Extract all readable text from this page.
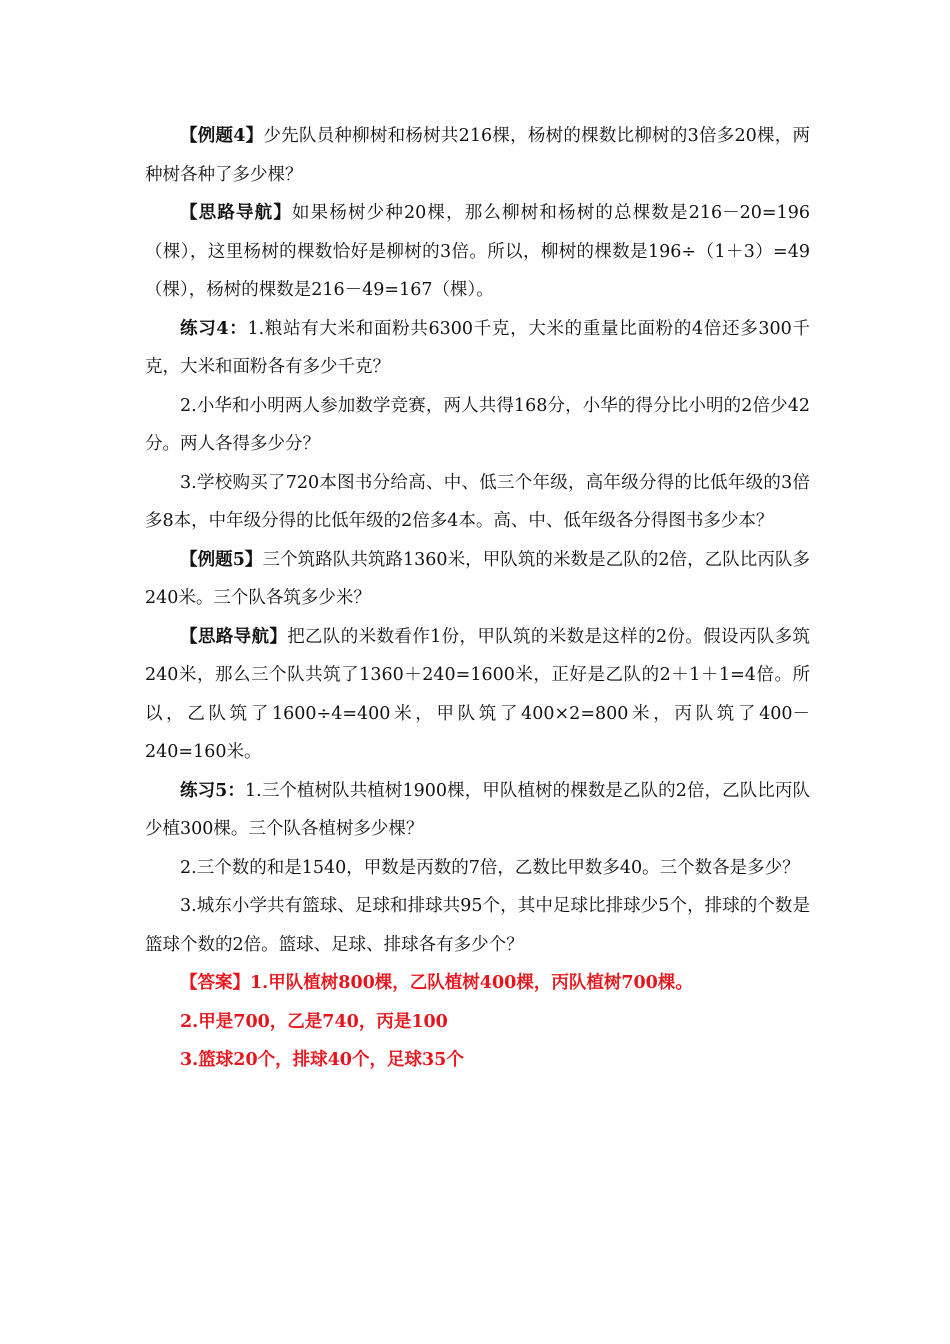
【例题4】少先队员种柳树和杨树共216棵，杨树的棵数比柳树的3倍多20棵，两种树各种了多少棵？

【思路导航】如果杨树少种20棵，那么柳树和杨树的总棵数是216－20=196（棵），这里杨树的棵数恰好是柳树的3倍。所以，柳树的棵数是196÷（1＋3）=49（棵），杨树的棵数是216－49=167（棵）。

练习4：1.粮站有大米和面粉共6300千克，大米的重量比面粉的4倍还多300千克，大米和面粉各有多少千克？

2.小华和小明两人参加数学竞赛，两人共得168分，小华的得分比小明的2倍少42分。两人各得多少分？

3.学校购买了720本图书分给高、中、低三个年级，高年级分得的比低年级的3倍多8本，中年级分得的比低年级的2倍多4本。高、中、低年级各分得图书多少本？

【例题5】三个筑路队共筑路1360米，甲队筑的米数是乙队的2倍，乙队比丙队多240米。三个队各筑多少米？

【思路导航】把乙队的米数看作1份，甲队筑的米数是这样的2份。假设丙队多筑240米，那么三个队共筑了1360＋240=1600米，正好是乙队的2＋1＋1=4倍。所以，乙队筑了1600÷4=400米，甲队筑了400×2=800米，丙队筑了400－240=160米。

练习5：1.三个植树队共植树1900棵，甲队植树的棵数是乙队的2倍，乙队比丙队少植300棵。三个队各植树多少棵？

2.三个数的和是1540，甲数是丙数的7倍，乙数比甲数多40。三个数各是多少？

3.城东小学共有篮球、足球和排球共95个，其中足球比排球少5个，排球的个数是篮球个数的2倍。篮球、足球、排球各有多少个？

【答案】1.甲队植树800棵，乙队植树400棵，丙队植树700棵。

2.甲是700，乙是740，丙是100

3.篮球20个，排球40个，足球35个
